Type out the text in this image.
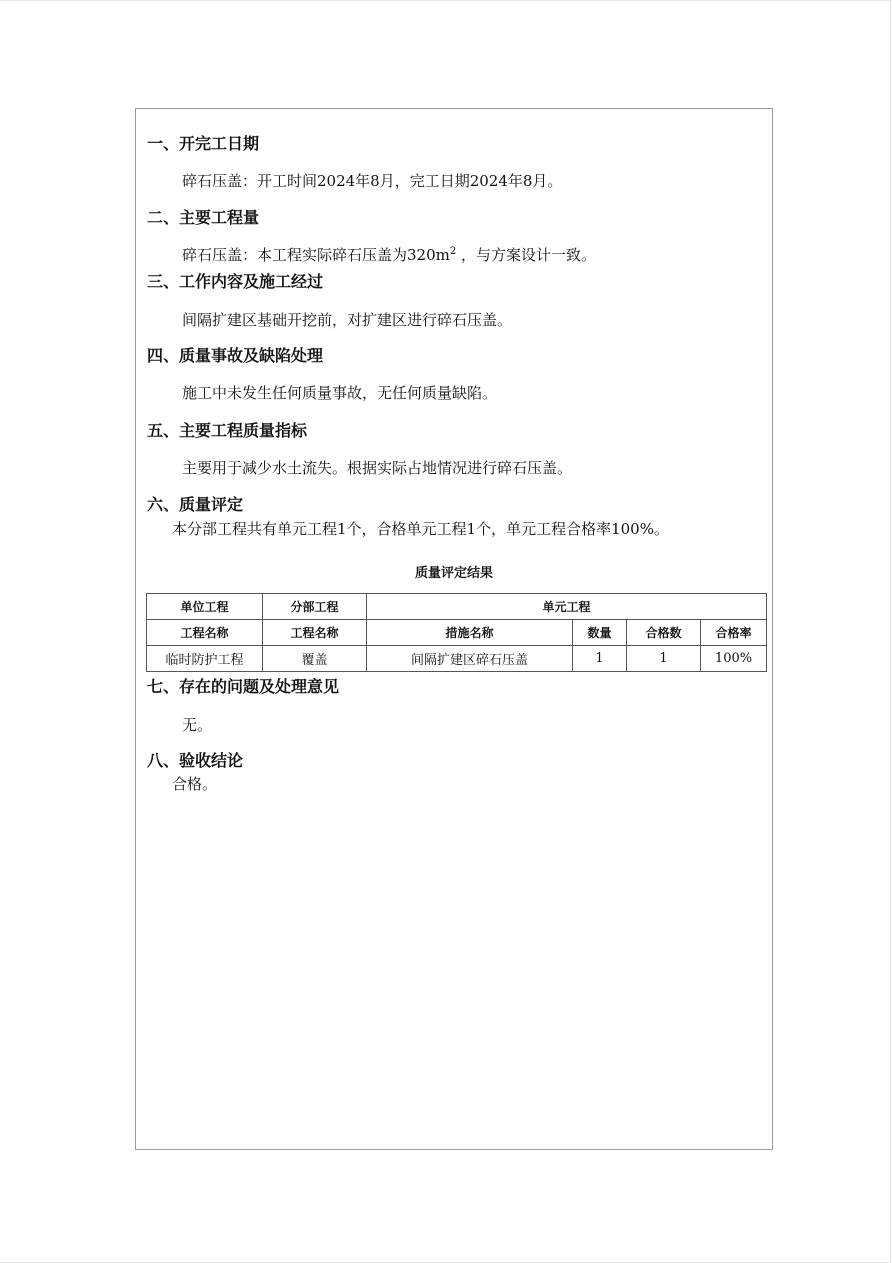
一、开完工日期
碎石压盖：开工时间2024年8月，完工日期2024年8月。
二、主要工程量
碎石压盖：本工程实际碎石压盖为$320m^2$ ，与方案设计一致。
三、工作内容及施工经过
间隔扩建区基础开挖前，对扩建区进行碎石压盖。
四、质量事故及缺陷处理
施工中未发生任何质量事故，无任何质量缺陷。
五、主要工程质量指标
主要用于减少水土流失。根据实际占地情况进行碎石压盖。
六、质量评定
本分部工程共有单元工程1个，合格单元工程1个，单元工程合格率100%。
质量评定结果
单位工程	分部工程	单元工程			
工程名称	工程名称	措施名称	数量	合格数	合格率
临时防护工程	覆盖	间隔扩建区碎石压盖	1	1	100%
七、存在的问题及处理意见
无。
八、验收结论
合格。
